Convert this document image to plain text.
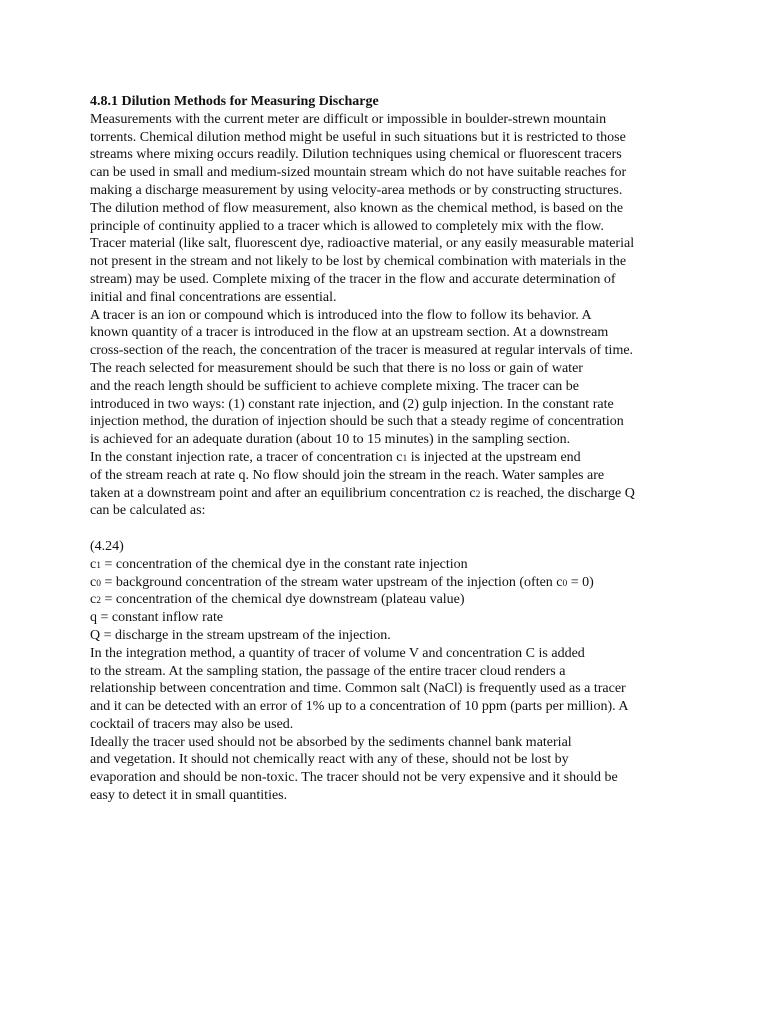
4.8.1 Dilution Methods for Measuring Discharge
Measurements with the current meter are difficult or impossible in boulder-strewn mountain
torrents. Chemical dilution method might be useful in such situations but it is restricted to those
streams where mixing occurs readily. Dilution techniques using chemical or fluorescent tracers
can be used in small and medium-sized mountain stream which do not have suitable reaches for
making a discharge measurement by using velocity-area methods or by constructing structures.
The dilution method of flow measurement, also known as the chemical method, is based on the
principle of continuity applied to a tracer which is allowed to completely mix with the flow.
Tracer material (like salt, fluorescent dye, radioactive material, or any easily measurable material
not present in the stream and not likely to be lost by chemical combination with materials in the
stream) may be used. Complete mixing of the tracer in the flow and accurate determination of
initial and final concentrations are essential.
A tracer is an ion or compound which is introduced into the flow to follow its behavior. A
known quantity of a tracer is introduced in the flow at an upstream section. At a downstream
cross-section of the reach, the concentration of the tracer is measured at regular intervals of time.
The reach selected for measurement should be such that there is no loss or gain of water
and the reach length should be sufficient to achieve complete mixing. The tracer can be
introduced in two ways: (1) constant rate injection, and (2) gulp injection. In the constant rate
injection method, the duration of injection should be such that a steady regime of concentration
is achieved for an adequate duration (about 10 to 15 minutes) in the sampling section.
In the constant injection rate, a tracer of concentration c1 is injected at the upstream end
of the stream reach at rate q. No flow should join the stream in the reach. Water samples are
taken at a downstream point and after an equilibrium concentration c2 is reached, the discharge Q
can be calculated as:
(4.24)
c1 = concentration of the chemical dye in the constant rate injection
c0 = background concentration of the stream water upstream of the injection (often c0 = 0)
c2 = concentration of the chemical dye downstream (plateau value)
q = constant inflow rate
Q = discharge in the stream upstream of the injection.
In the integration method, a quantity of tracer of volume V and concentration C is added
to the stream. At the sampling station, the passage of the entire tracer cloud renders a
relationship between concentration and time. Common salt (NaCl) is frequently used as a tracer
and it can be detected with an error of 1% up to a concentration of 10 ppm (parts per million). A
cocktail of tracers may also be used.
Ideally the tracer used should not be absorbed by the sediments channel bank material
and vegetation. It should not chemically react with any of these, should not be lost by
evaporation and should be non-toxic. The tracer should not be very expensive and it should be
easy to detect it in small quantities.
